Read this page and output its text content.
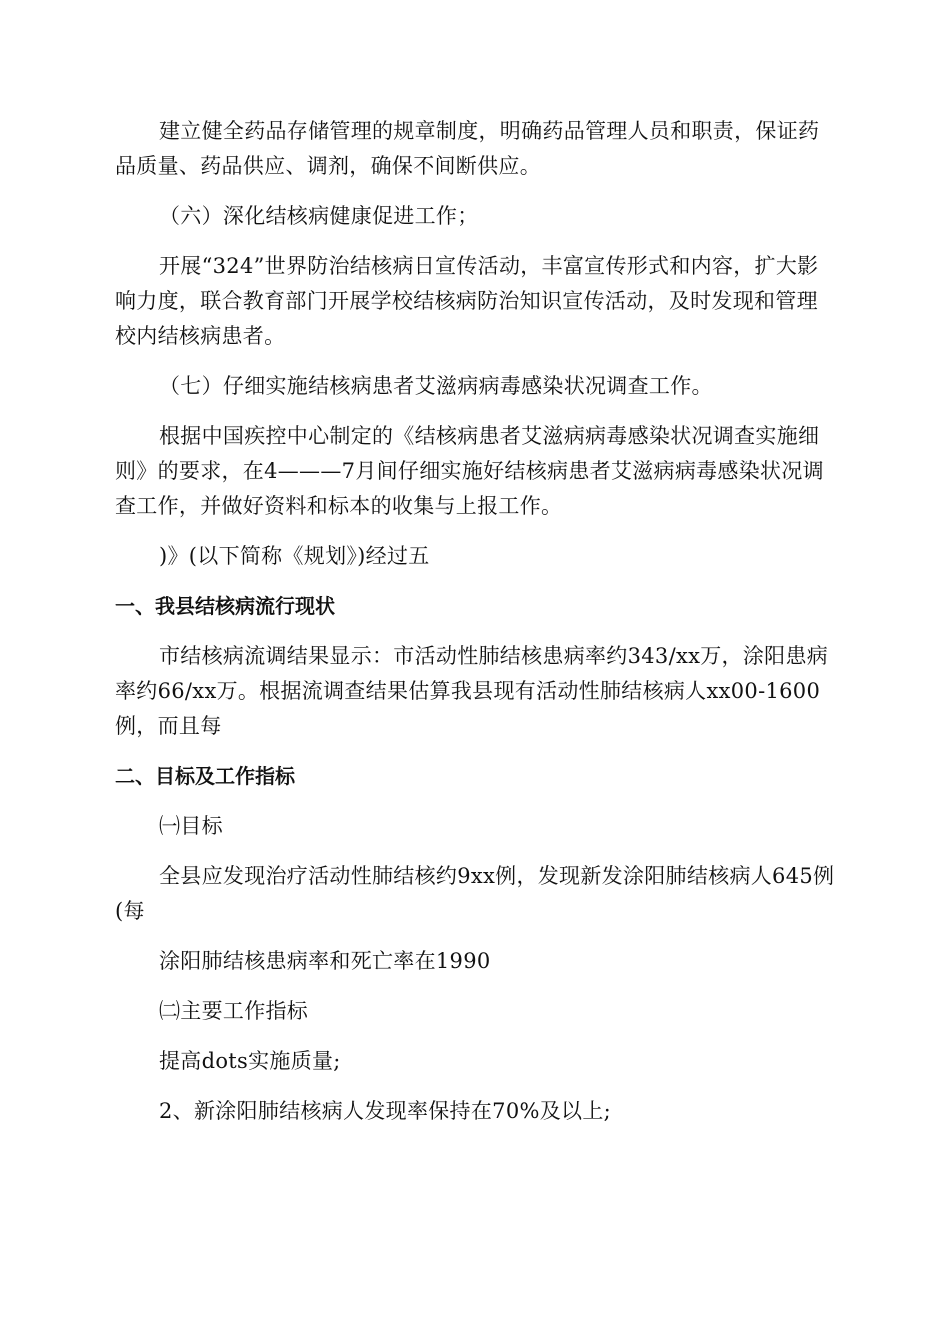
建立健全药品存储管理的规章制度，明确药品管理人员和职责，保证药品质量、药品供应、调剂，确保不间断供应。

（六）深化结核病健康促进工作；

开展“324”世界防治结核病日宣传活动，丰富宣传形式和内容，扩大影响力度，联合教育部门开展学校结核病防治知识宣传活动，及时发现和管理校内结核病患者。

（七）仔细实施结核病患者艾滋病病毒感染状况调查工作。

根据中国疾控中心制定的《结核病患者艾滋病病毒感染状况调查实施细则》的要求，在4———7月间仔细实施好结核病患者艾滋病病毒感染状况调查工作，并做好资料和标本的收集与上报工作。

)》(以下简称《规划》)经过五

一、我县结核病流行现状

市结核病流调结果显示：市活动性肺结核患病率约343/xx万，涂阳患病率约66/xx万。根据流调查结果估算我县现有活动性肺结核病人xx00-1600例，而且每

二、目标及工作指标

㈠目标

全县应发现治疗活动性肺结核约9xx例，发现新发涂阳肺结核病人645例(每

涂阳肺结核患病率和死亡率在1990

㈡主要工作指标

提高dots实施质量;

2、新涂阳肺结核病人发现率保持在70%及以上;
